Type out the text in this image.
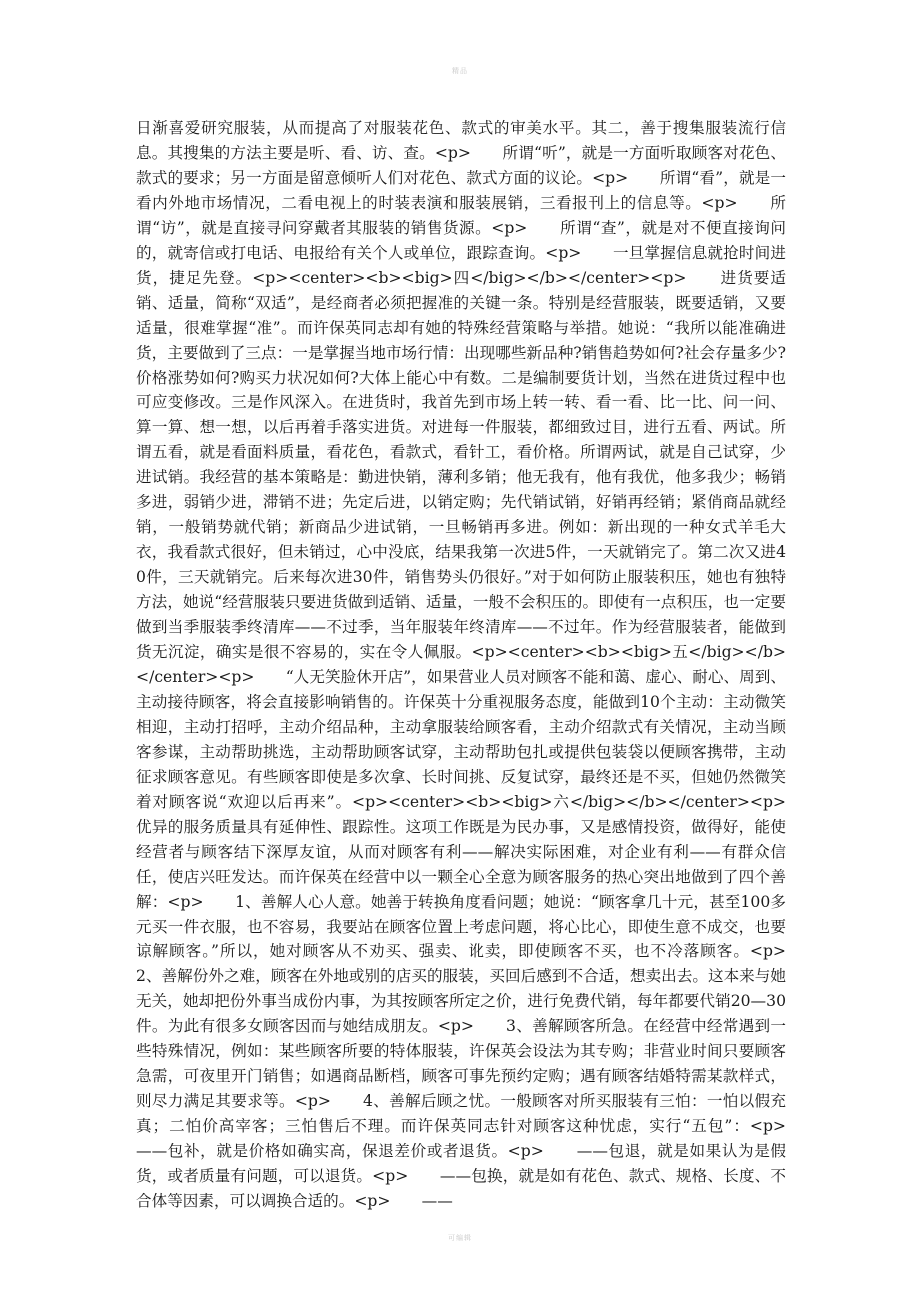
精品

日渐喜爱研究服装，从而提高了对服装花色、款式的审美水平。其二，善于搜集服装流行信息。其搜集的方法主要是听、看、访、查。<p>　　所谓“听”，就是一方面听取顾客对花色、款式的要求；另一方面是留意倾听人们对花色、款式方面的议论。<p>　　所谓“看”，就是一看内外地市场情况，二看电视上的时装表演和服装展销，三看报刊上的信息等。<p>　　所谓“访”，就是直接寻问穿戴者其服装的销售货源。<p>　　所谓“查”，就是对不便直接询问的，就寄信或打电话、电报给有关个人或单位，跟踪查询。<p>　　一旦掌握信息就抢时间进货，捷足先登。<p><center><b><big>四</big></b></center><p>　　进货要适销、适量，简称“双适”，是经商者必须把握准的关键一条。特别是经营服装，既要适销，又要适量，很难掌握“准”。而许保英同志却有她的特殊经营策略与举措。她说：“我所以能准确进货，主要做到了三点：一是掌握当地市场行情：出现哪些新品种?销售趋势如何?社会存量多少?价格涨势如何?购买力状况如何?大体上能心中有数。二是编制要货计划，当然在进货过程中也可应变修改。三是作风深入。在进货时，我首先到市场上转一转、看一看、比一比、问一问、算一算、想一想，以后再着手落实进货。对进每一件服装，都细致过目，进行五看、两试。所谓五看，就是看面料质量，看花色，看款式，看针工，看价格。所谓两试，就是自己试穿，少进试销。我经营的基本策略是：勤进快销，薄利多销；他无我有，他有我优，他多我少；畅销多进，弱销少进，滞销不进；先定后进，以销定购；先代销试销，好销再经销；紧俏商品就经销，一般销势就代销；新商品少进试销，一旦畅销再多进。例如：新出现的一种女式羊毛大衣，我看款式很好，但未销过，心中没底，结果我第一次进5件，一天就销完了。第二次又进40件，三天就销完。后来每次进30件，销售势头仍很好。”对于如何防止服装积压，她也有独特方法，她说“经营服装只要进货做到适销、适量，一般不会积压的。即使有一点积压，也一定要做到当季服装季终清库——不过季，当年服装年终清库——不过年。作为经营服装者，能做到货无沉淀，确实是很不容易的，实在令人佩服。<p><center><b><big>五</big></b></center><p>　　“人无笑脸休开店”，如果营业人员对顾客不能和蔼、虚心、耐心、周到、主动接待顾客，将会直接影响销售的。许保英十分重视服务态度，能做到10个主动：主动微笑相迎，主动打招呼，主动介绍品种，主动拿服装给顾客看，主动介绍款式有关情况，主动当顾客参谋，主动帮助挑选，主动帮助顾客试穿，主动帮助包扎或提供包装袋以便顾客携带，主动征求顾客意见。有些顾客即使是多次拿、长时间挑、反复试穿，最终还是不买，但她仍然微笑着对顾客说“欢迎以后再来”。<p><center><b><big>六</big></b></center><p>　　优异的服务质量具有延伸性、跟踪性。这项工作既是为民办事，又是感情投资，做得好，能使经营者与顾客结下深厚友谊，从而对顾客有利——解决实际困难，对企业有利——有群众信任，使店兴旺发达。而许保英在经营中以一颗全心全意为顾客服务的热心突出地做到了四个善解：<p>　　1、善解人心人意。她善于转换角度看问题；她说：“顾客拿几十元，甚至100多元买一件衣服，也不容易，我要站在顾客位置上考虑问题，将心比心，即使生意不成交，也要谅解顾客。”所以，她对顾客从不劝买、强卖、讹卖，即使顾客不买，也不冷落顾客。<p>　　2、善解份外之难，顾客在外地或别的店买的服装，买回后感到不合适，想卖出去。这本来与她无关，她却把份外事当成份内事，为其按顾客所定之价，进行免费代销，每年都要代销20—30件。为此有很多女顾客因而与她结成朋友。<p>　　3、善解顾客所急。在经营中经常遇到一些特殊情况，例如：某些顾客所要的特体服装，许保英会设法为其专购；非营业时间只要顾客急需，可夜里开门销售；如遇商品断档，顾客可事先预约定购；遇有顾客结婚特需某款样式，则尽力满足其要求等。<p>　　4、善解后顾之忧。一般顾客对所买服装有三怕：一怕以假充真；二怕价高宰客；三怕售后不理。而许保英同志针对顾客这种忧虑，实行“五包”：<p>　　——包补，就是价格如确实高，保退差价或者退货。<p>　　——包退，就是如果认为是假货，或者质量有问题，可以退货。<p>　　——包换，就是如有花色、款式、规格、长度、不合体等因素，可以调换合适的。<p>　　——

可编辑
